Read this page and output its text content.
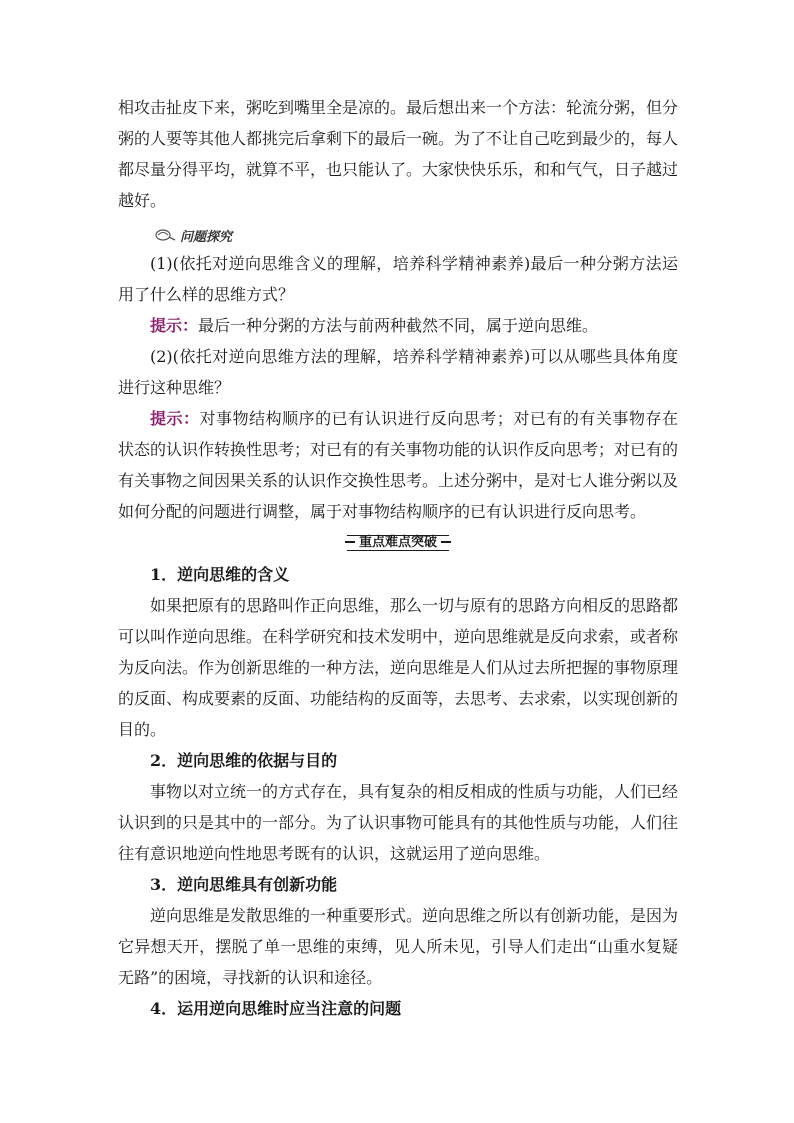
相攻击扯皮下来，粥吃到嘴里全是凉的。最后想出来一个方法：轮流分粥，但分粥的人要等其他人都挑完后拿剩下的最后一碗。为了不让自己吃到最少的，每人都尽量分得平均，就算不平，也只能认了。大家快快乐乐，和和气气，日子越过越好。

问题探究

(1)(依托对逆向思维含义的理解，培养科学精神素养)最后一种分粥方法运用了什么样的思维方式？

提示：最后一种分粥的方法与前两种截然不同，属于逆向思维。

(2)(依托对逆向思维方法的理解，培养科学精神素养)可以从哪些具体角度进行这种思维？

提示：对事物结构顺序的已有认识进行反向思考；对已有的有关事物存在状态的认识作转换性思考；对已有的有关事物功能的认识作反向思考；对已有的有关事物之间因果关系的认识作交换性思考。上述分粥中，是对七人谁分粥以及如何分配的问题进行调整，属于对事物结构顺序的已有认识进行反向思考。

重点难点突破

1．逆向思维的含义

如果把原有的思路叫作正向思维，那么一切与原有的思路方向相反的思路都可以叫作逆向思维。在科学研究和技术发明中，逆向思维就是反向求索，或者称为反向法。作为创新思维的一种方法，逆向思维是人们从过去所把握的事物原理的反面、构成要素的反面、功能结构的反面等，去思考、去求索，以实现创新的目的。

2．逆向思维的依据与目的

事物以对立统一的方式存在，具有复杂的相反相成的性质与功能，人们已经认识到的只是其中的一部分。为了认识事物可能具有的其他性质与功能，人们往往有意识地逆向性地思考既有的认识，这就运用了逆向思维。

3．逆向思维具有创新功能

逆向思维是发散思维的一种重要形式。逆向思维之所以有创新功能，是因为它异想天开，摆脱了单一思维的束缚，见人所未见，引导人们走出“山重水复疑无路”的困境，寻找新的认识和途径。

4．运用逆向思维时应当注意的问题
